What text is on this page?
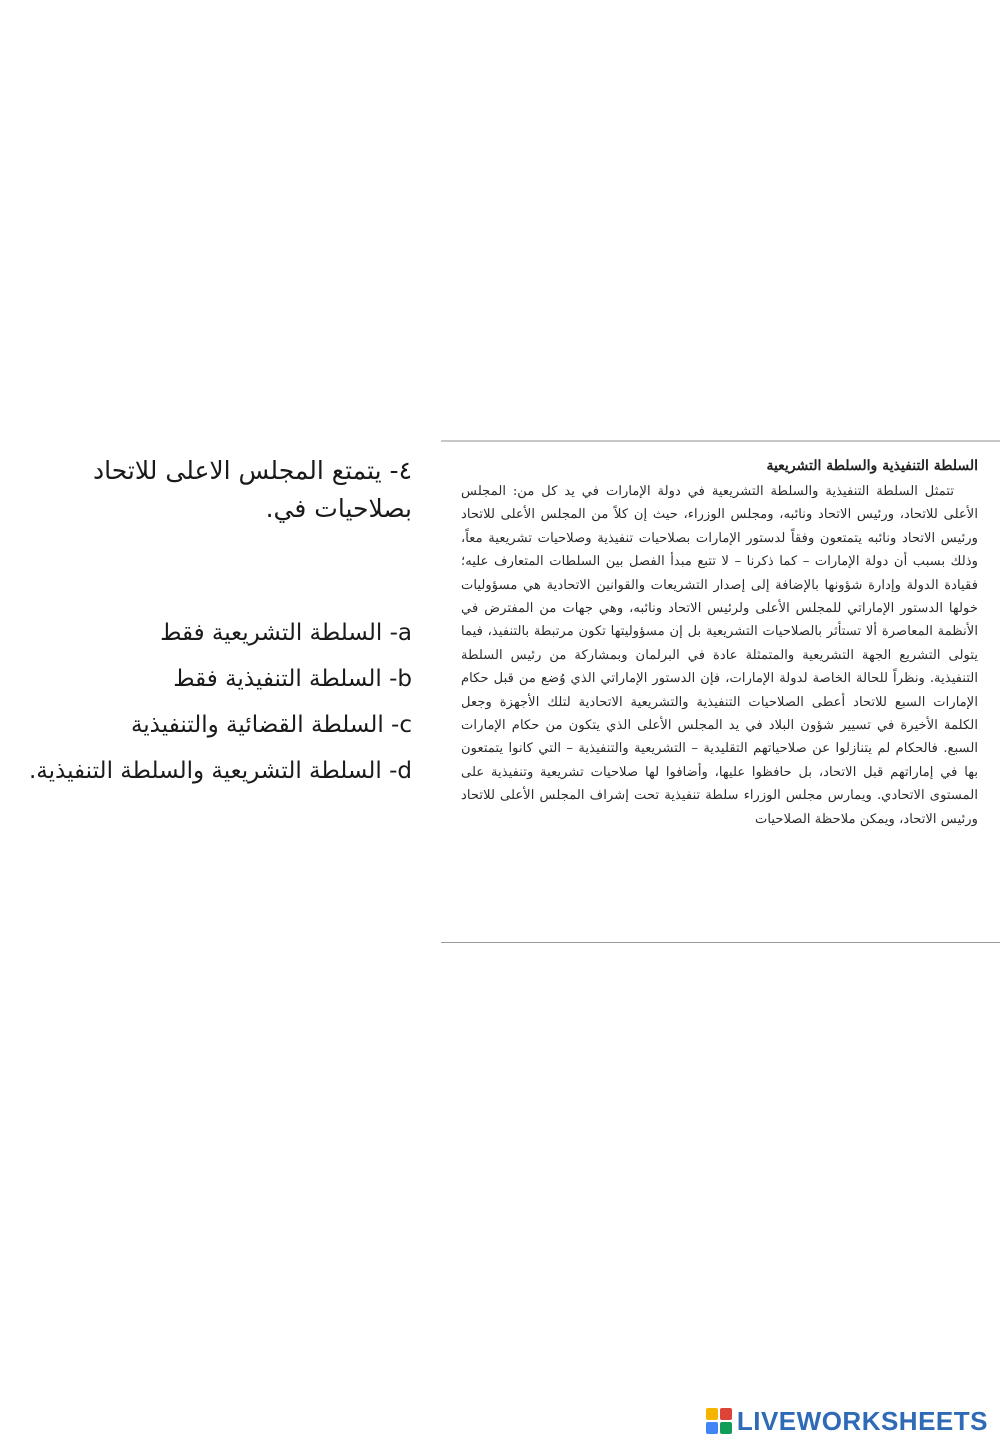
٤- يتمتع المجلس الاعلى للاتحاد بصلاحيات في.
a- السلطة التشريعية فقط
b- السلطة التنفيذية فقط
c- السلطة القضائية والتنفيذية
d- السلطة التشريعية والسلطة التنفيذية.
السلطة التنفيذية والسلطة التشريعية

تتمثل السلطة التنفيذية والسلطة التشريعية في دولة الإمارات في يد كل من: المجلس الأعلى للاتحاد، ورئيس الاتحاد ونائبه، ومجلس الوزراء، حيث إن كلاً من المجلس الأعلى للاتحاد ورئيس الاتحاد ونائبه يتمتعون وفقاً لدستور الإمارات بصلاحيات تنفيذية وصلاحيات تشريعية معاً، وذلك بسبب أن دولة الإمارات – كما ذكرنا – لا تتبع مبدأ الفصل بين السلطات المتعارف عليه؛ فقيادة الدولة وإدارة شؤونها بالإضافة إلى إصدار التشريعات والقوانين الاتحادية هي مسؤوليات خولها الدستور الإماراتي للمجلس الأعلى ولرئيس الاتحاد ونائبه، وهي جهات من المفترض في الأنظمة المعاصرة ألا تستأثر بالصلاحيات التشريعية بل إن مسؤوليتها تكون مرتبطة بالتنفيذ، فيما يتولى التشريع الجهة التشريعية والمتمثلة عادة في البرلمان وبمشاركة من رئيس السلطة التنفيذية. ونظراً للحالة الخاصة لدولة الإمارات، فإن الدستور الإماراتي الذي وُضع من قبل حكام الإمارات السبع للاتحاد أعطى الصلاحيات التنفيذية والتشريعية الاتحادية لتلك الأجهزة وجعل الكلمة الأخيرة في تسيير شؤون البلاد في يد المجلس الأعلى الذي يتكون من حكام الإمارات السبع. فالحكام لم يتنازلوا عن صلاحياتهم التقليدية – التشريعية والتنفيذية – التي كانوا يتمتعون بها في إماراتهم قبل الاتحاد، بل حافظوا عليها، وأضافوا لها صلاحيات تشريعية وتنفيذية على المستوى الاتحادي. ويمارس مجلس الوزراء سلطة تنفيذية تحت إشراف المجلس الأعلى للاتحاد ورئيس الاتحاد، ويمكن ملاحظة الصلاحيات

LIVEWORKSHEETS
